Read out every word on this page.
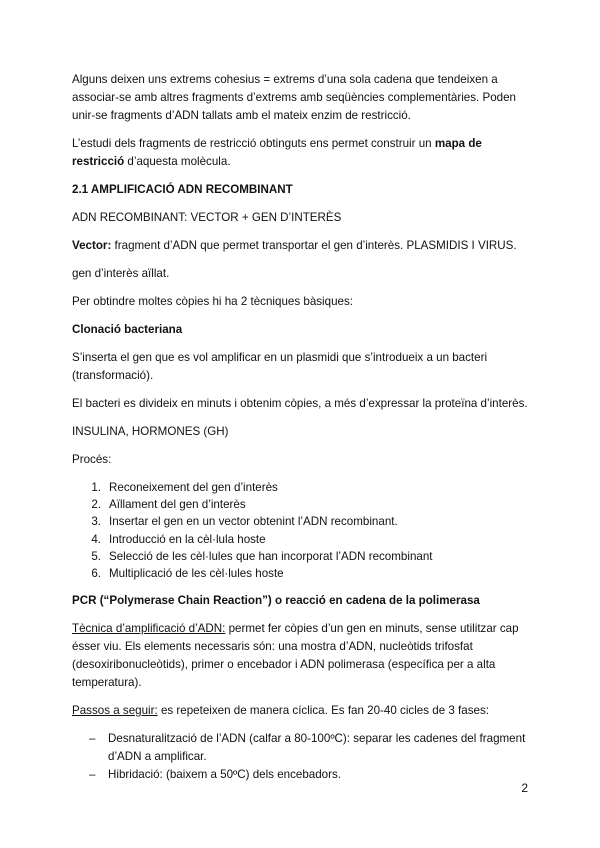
Alguns deixen uns extrems cohesius = extrems d’una sola cadena que tendeixen a associar-se amb altres fragments d’extrems amb seqüències complementàries. Poden unir-se fragments d’ADN tallats amb el mateix enzim de restricció.

L’estudi dels fragments de restricció obtinguts ens permet construir un mapa de restricció d’aquesta molècula.

2.1 AMPLIFICACIÓ ADN RECOMBINANT

ADN RECOMBINANT: VECTOR + GEN D’INTERÈS

Vector: fragment d’ADN que permet transportar el gen d’interès. PLASMIDIS I VIRUS.

gen d’interès aïllat.

Per obtindre moltes còpies hi ha 2 tècniques bàsiques:

Clonació bacteriana

S’inserta el gen que es vol amplificar en un plasmidi que s’introdueix a un bacteri (transformació).

El bacteri es divideix en minuts i obtenim còpies, a més d’expressar la proteïna d’interès.

INSULINA, HORMONES (GH)

Procés:

1. Reconeixement del gen d’interès
2. Aïllament del gen d’interès
3. Insertar el gen en un vector obtenint l’ADN recombinant.
4. Introducció en la cèl·lula hoste
5. Selecció de les cèl·lules que han incorporat l’ADN recombinant
6. Multiplicació de les cèl·lules hoste

PCR (“Polymerase Chain Reaction”) o reacció en cadena de la polimerasa

Tècnica d’amplificació d’ADN: permet fer còpies d’un gen en minuts, sense utilitzar cap ésser viu. Els elements necessaris són: una mostra d’ADN, nucleòtids trifosfat (desoxiribonucleòtids), primer o encebador i ADN polimerasa (específica per a alta temperatura).

Passos a seguir: es repeteixen de manera cíclica. Es fan 20-40 cicles de 3 fases:

–	Desnaturalització de l’ADN (calfar a 80-100ºC): separar les cadenes del fragment d’ADN a amplificar.
–	Hibridació: (baixem a 50ºC) dels encebadors.
2
